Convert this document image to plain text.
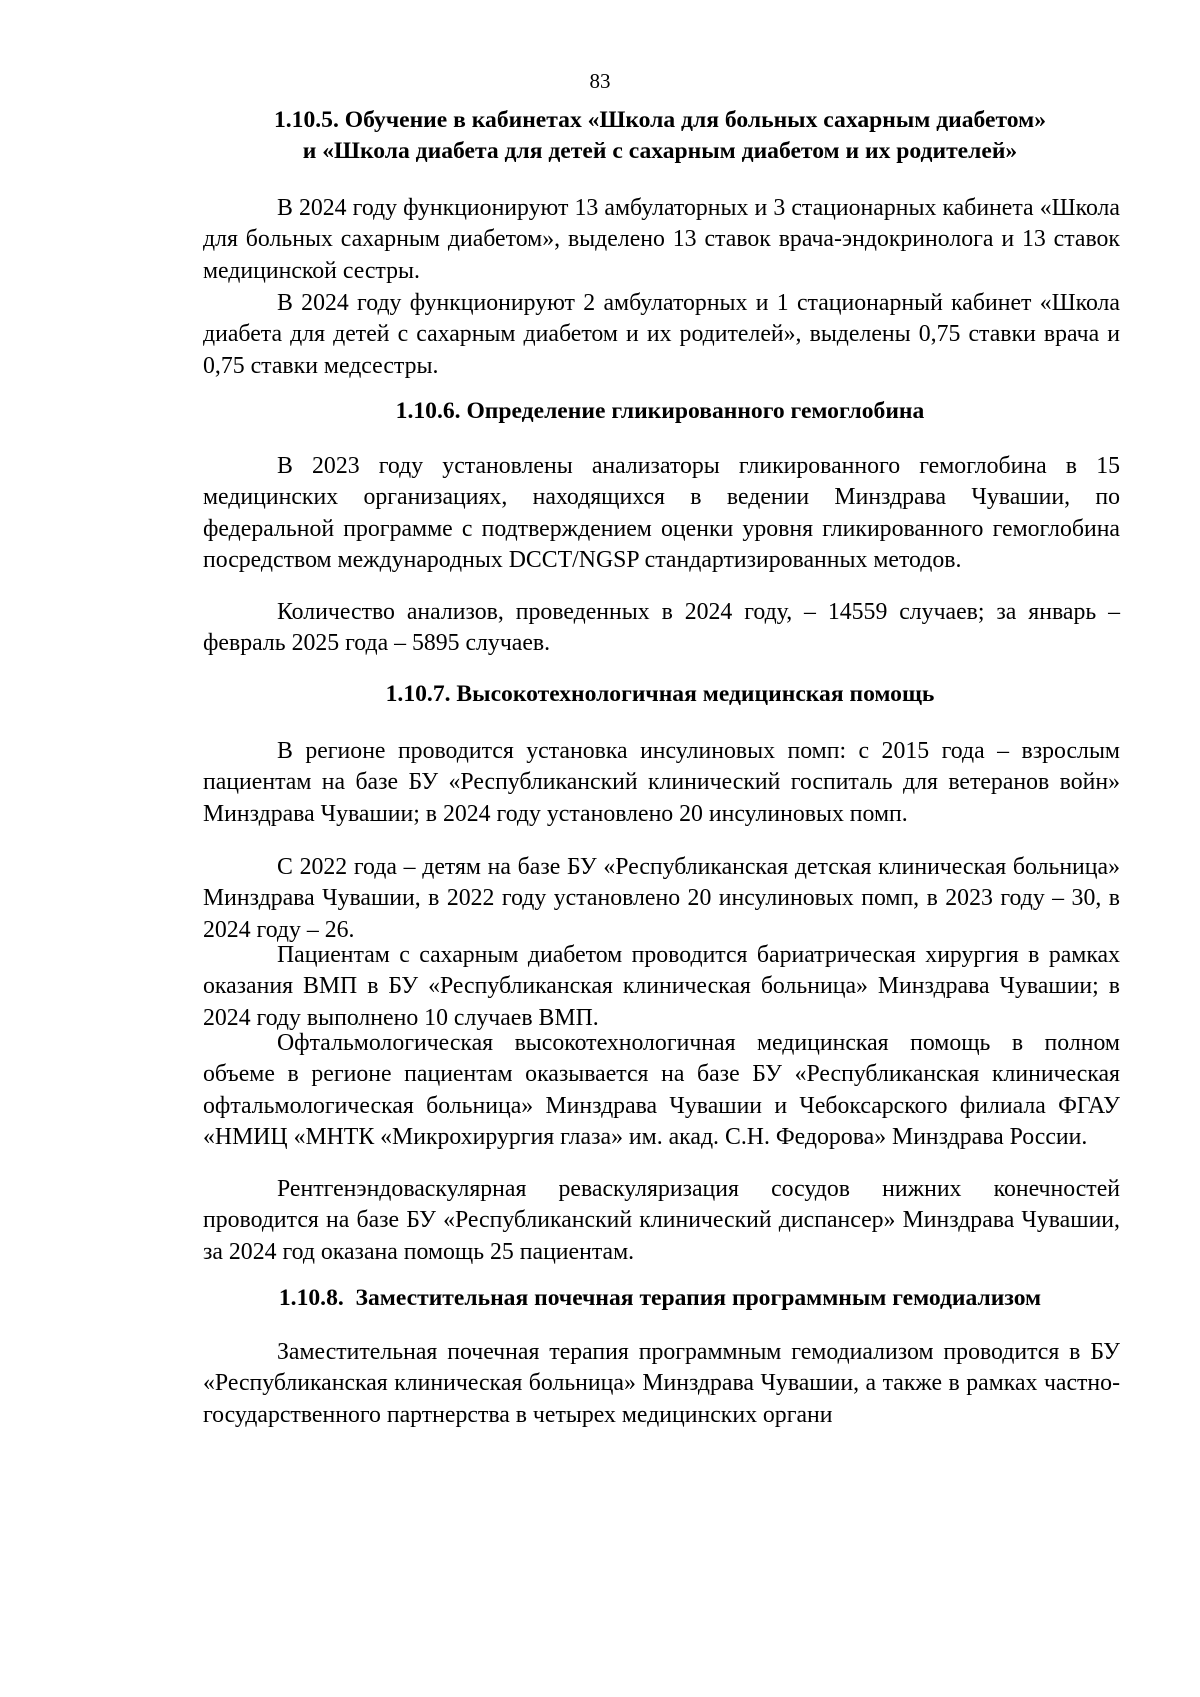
83
1.10.5. Обучение в кабинетах «Школа для больных сахарным диабетом»
и «Школа диабета для детей с сахарным диабетом и их родителей»

В 2024 году функционируют 13 амбулаторных и 3 стационарных кабинета «Школа для больных сахарным диабетом», выделено 13 ставок врача-эндокринолога и 13 ставок медицинской сестры.

В 2024 году функционируют 2 амбулаторных и 1 стационарный кабинет «Школа диабета для детей с сахарным диабетом и их родителей», выделены 0,75 ставки врача и 0,75 ставки медсестры.

1.10.6. Определение гликированного гемоглобина

В 2023 году установлены анализаторы гликированного гемоглобина в 15 медицинских организациях, находящихся в ведении Минздрава Чувашии, по федеральной программе с подтверждением оценки уровня гликированного гемоглобина посредством международных DCCT/NGSP стандартизированных методов.

Количество анализов, проведенных в 2024 году, – 14559 случаев; за январь – февраль 2025 года – 5895 случаев.

1.10.7. Высокотехнологичная медицинская помощь

В регионе проводится установка инсулиновых помп: с 2015 года – взрослым пациентам на базе БУ «Республиканский клинический госпиталь для ветеранов войн» Минздрава Чувашии; в 2024 году установлено 20 инсулиновых помп.

С 2022 года – детям на базе БУ «Республиканская детская клиническая больница» Минздрава Чувашии, в 2022 году установлено 20 инсулиновых помп, в 2023 году – 30, в 2024 году – 26.

Пациентам с сахарным диабетом проводится бариатрическая хирургия в рамках оказания ВМП в БУ «Республиканская клиническая больница» Минздрава Чувашии; в 2024 году выполнено 10 случаев ВМП.

Офтальмологическая высокотехнологичная медицинская помощь в полном объеме в регионе пациентам оказывается на базе БУ «Республиканская клиническая офтальмологическая больница» Минздрава Чувашии и Чебоксарского филиала ФГАУ «НМИЦ «МНТК «Микрохирургия глаза» им. акад. С.Н. Федорова» Минздрава России.

Рентгенэндоваскулярная реваскуляризация сосудов нижних конечностей проводится на базе БУ «Республиканский клинический диспансер» Минздрава Чувашии, за 2024 год оказана помощь 25 пациентам.

1.10.8.  Заместительная почечная терапия программным гемодиализом

Заместительная почечная терапия программным гемодиализом проводится в БУ «Республиканская клиническая больница» Минздрава Чувашии, а также в рамках частно-государственного партнерства в четырех медицинских органи
